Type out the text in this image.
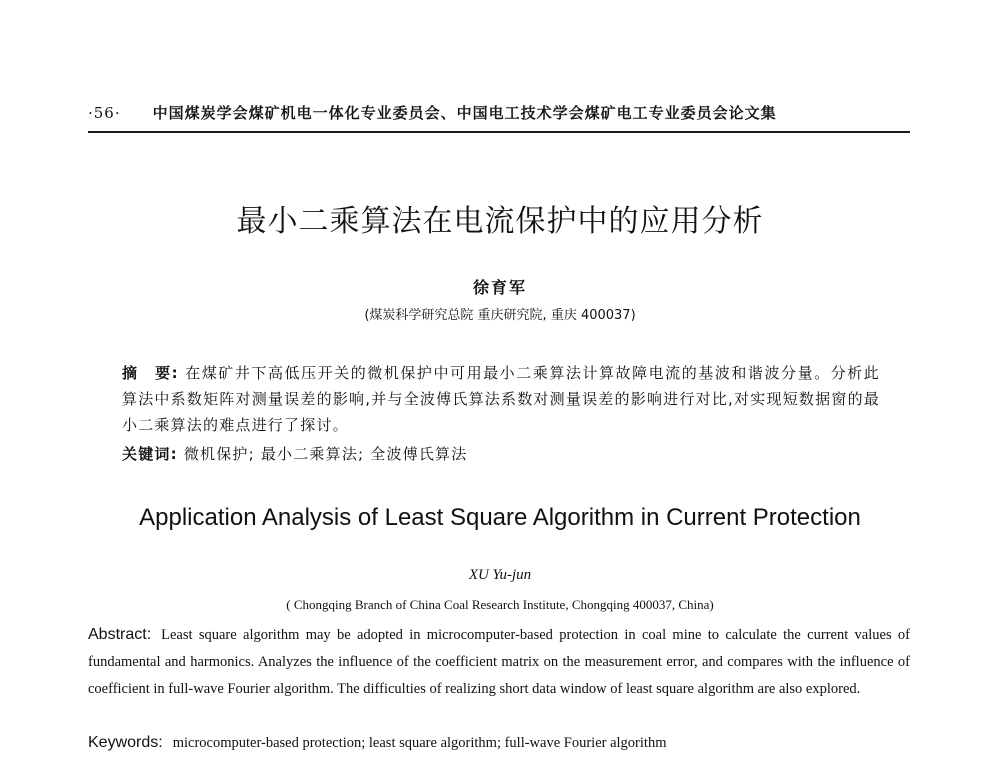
·56· 中国煤炭学会煤矿机电一体化专业委员会、中国电工技术学会煤矿电工专业委员会论文集
最小二乘算法在电流保护中的应用分析
徐育军
(煤炭科学研究总院 重庆研究院, 重庆 400037)
摘　要: 在煤矿井下高低压开关的微机保护中可用最小二乘算法计算故障电流的基波和谐波分量。分析此算法中系数矩阵对测量误差的影响,并与全波傅氏算法系数对测量误差的影响进行对比,对实现短数据窗的最小二乘算法的难点进行了探讨。
关键词: 微机保护; 最小二乘算法; 全波傅氏算法
Application Analysis of Least Square Algorithm in Current Protection
XU Yu-jun
( Chongqing Branch of China Coal Research Institute, Chongqing 400037, China)
Abstract: Least square algorithm may be adopted in microcomputer-based protection in coal mine to calculate the current values of fundamental and harmonics. Analyzes the influence of the coefficient matrix on the measurement error, and compares with the influence of coefficient in full-wave Fourier algorithm. The difficulties of realizing short data window of least square algorithm are also explored.
Keywords: microcomputer-based protection; least square algorithm; full-wave Fourier algorithm
